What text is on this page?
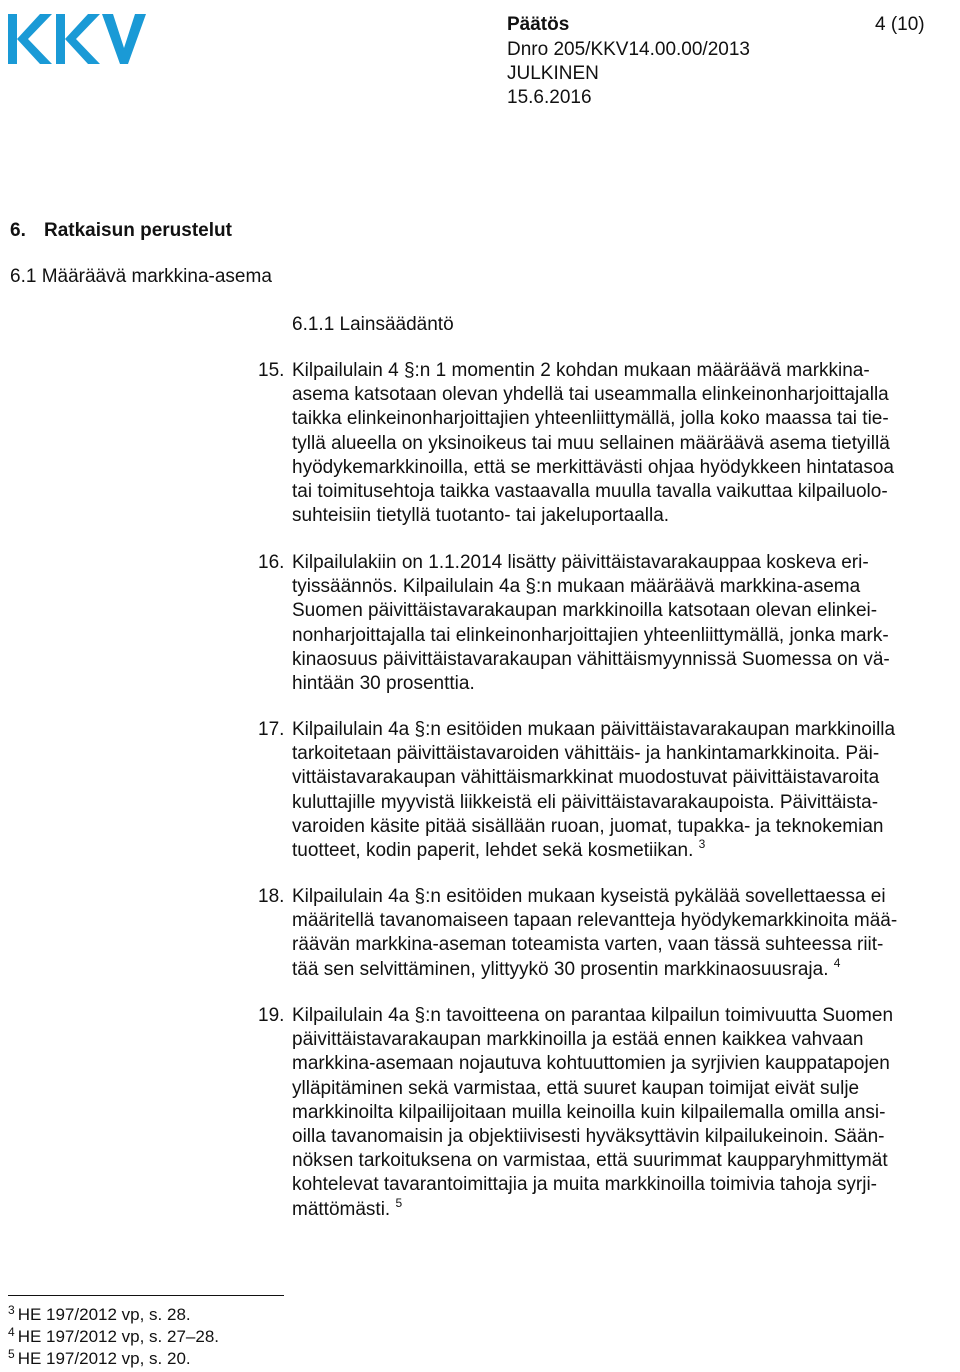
Päätös	4 (10)
Dnro 205/KKV14.00.00/2013
JULKINEN
15.6.2016
6. Ratkaisun perustelut
6.1 Määräävä markkina-asema
6.1.1 Lainsäädäntö
15. Kilpailulain 4 §:n 1 momentin 2 kohdan mukaan määräävä markkina-
asema katsotaan olevan yhdellä tai useammalla elinkeinonharjoittajalla
taikka elinkeinonharjoittajien yhteenliittymällä, jolla koko maassa tai tie-
tyllä alueella on yksinoikeus tai muu sellainen määräävä asema tietyillä
hyödykemarkkinoilla, että se merkittävästi ohjaa hyödykkeen hintatasoa
tai toimitusehtoja taikka vastaavalla muulla tavalla vaikuttaa kilpailuolo-
suhteisiin tietyllä tuotanto- tai jakeluportaalla.
16. Kilpailulakiin on 1.1.2014 lisätty päivittäistavarakauppaa koskeva eri-
tyissäännös. Kilpailulain 4a §:n mukaan määräävä markkina-asema
Suomen päivittäistavarakaupan markkinoilla katsotaan olevan elinkei-
nonharjoittajalla tai elinkeinonharjoittajien yhteenliittymällä, jonka mark-
kinaosuus päivittäistavarakaupan vähittäismyynnissä Suomessa on vä-
hintään 30 prosenttia.
17. Kilpailulain 4a §:n esitöiden mukaan päivittäistavarakaupan markkinoilla
tarkoitetaan päivittäistavaroiden vähittäis- ja hankintamarkkinoita. Päi-
vittäistavarakaupan vähittäismarkkinat muodostuvat päivittäistavaroita
kuluttajille myyvistä liikkeistä eli päivittäistavarakaupoista. Päivittäista-
varoiden käsite pitää sisällään ruoan, juomat, tupakka- ja teknokemian
tuotteet, kodin paperit, lehdet sekä kosmetiikan. $^3$
18. Kilpailulain 4a §:n esitöiden mukaan kyseistä pykälää sovellettaessa ei
määritellä tavanomaiseen tapaan relevantteja hyödykemarkkinoita mää-
räävän markkina-aseman toteamista varten, vaan tässä suhteessa riit-
tää sen selvittäminen, ylittyykö 30 prosentin markkinaosuusraja. $^4$
19. Kilpailulain 4a §:n tavoitteena on parantaa kilpailun toimivuutta Suomen
päivittäistavarakaupan markkinoilla ja estää ennen kaikkea vahvaan
markkina-asemaan nojautuva kohtuuttomien ja syrjivien kauppatapojen
ylläpitäminen sekä varmistaa, että suuret kaupan toimijat eivät sulje
markkinoilta kilpailijoitaan muilla keinoilla kuin kilpailemalla omilla ansi-
oilla tavanomaisin ja objektiivisesti hyväksyttävin kilpailukeinoin. Sään-
nöksen tarkoituksena on varmistaa, että suurimmat kaupparyhmittymät
kohtelevat tavarantoimittajia ja muita markkinoilla toimivia tahoja syrji-
mättömästi. $^5$
$^3$ HE 197/2012 vp, s. 28.
$^4$ HE 197/2012 vp, s. 27–28.
$^5$ HE 197/2012 vp, s. 20.
